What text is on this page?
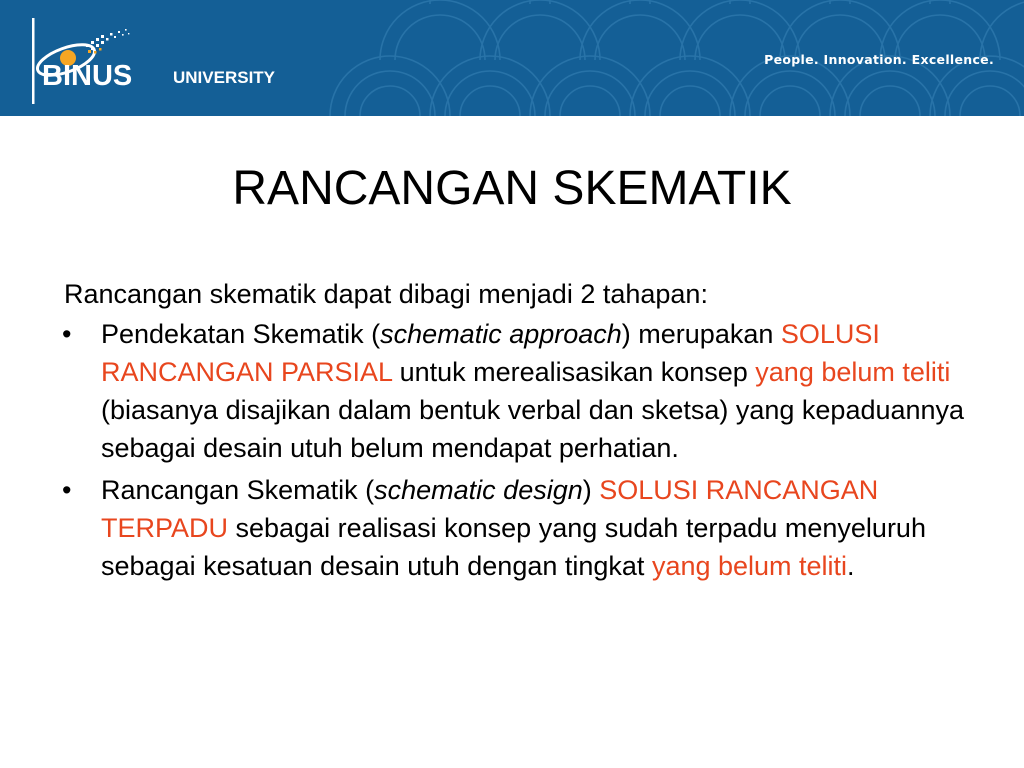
BINUS UNIVERSITY
People. Innovation. Excellence.
RANCANGAN SKEMATIK

Rancangan skematik dapat dibagi menjadi 2 tahapan:

• Pendekatan Skematik (schematic approach) merupakan SOLUSI RANCANGAN PARSIAL untuk merealisasikan konsep yang belum teliti (biasanya disajikan dalam bentuk verbal dan sketsa) yang kepaduannya sebagai desain utuh belum mendapat perhatian.
• Rancangan Skematik (schematic design) SOLUSI RANCANGAN TERPADU sebagai realisasi konsep yang sudah terpadu menyeluruh sebagai kesatuan desain utuh dengan tingkat yang belum teliti.
